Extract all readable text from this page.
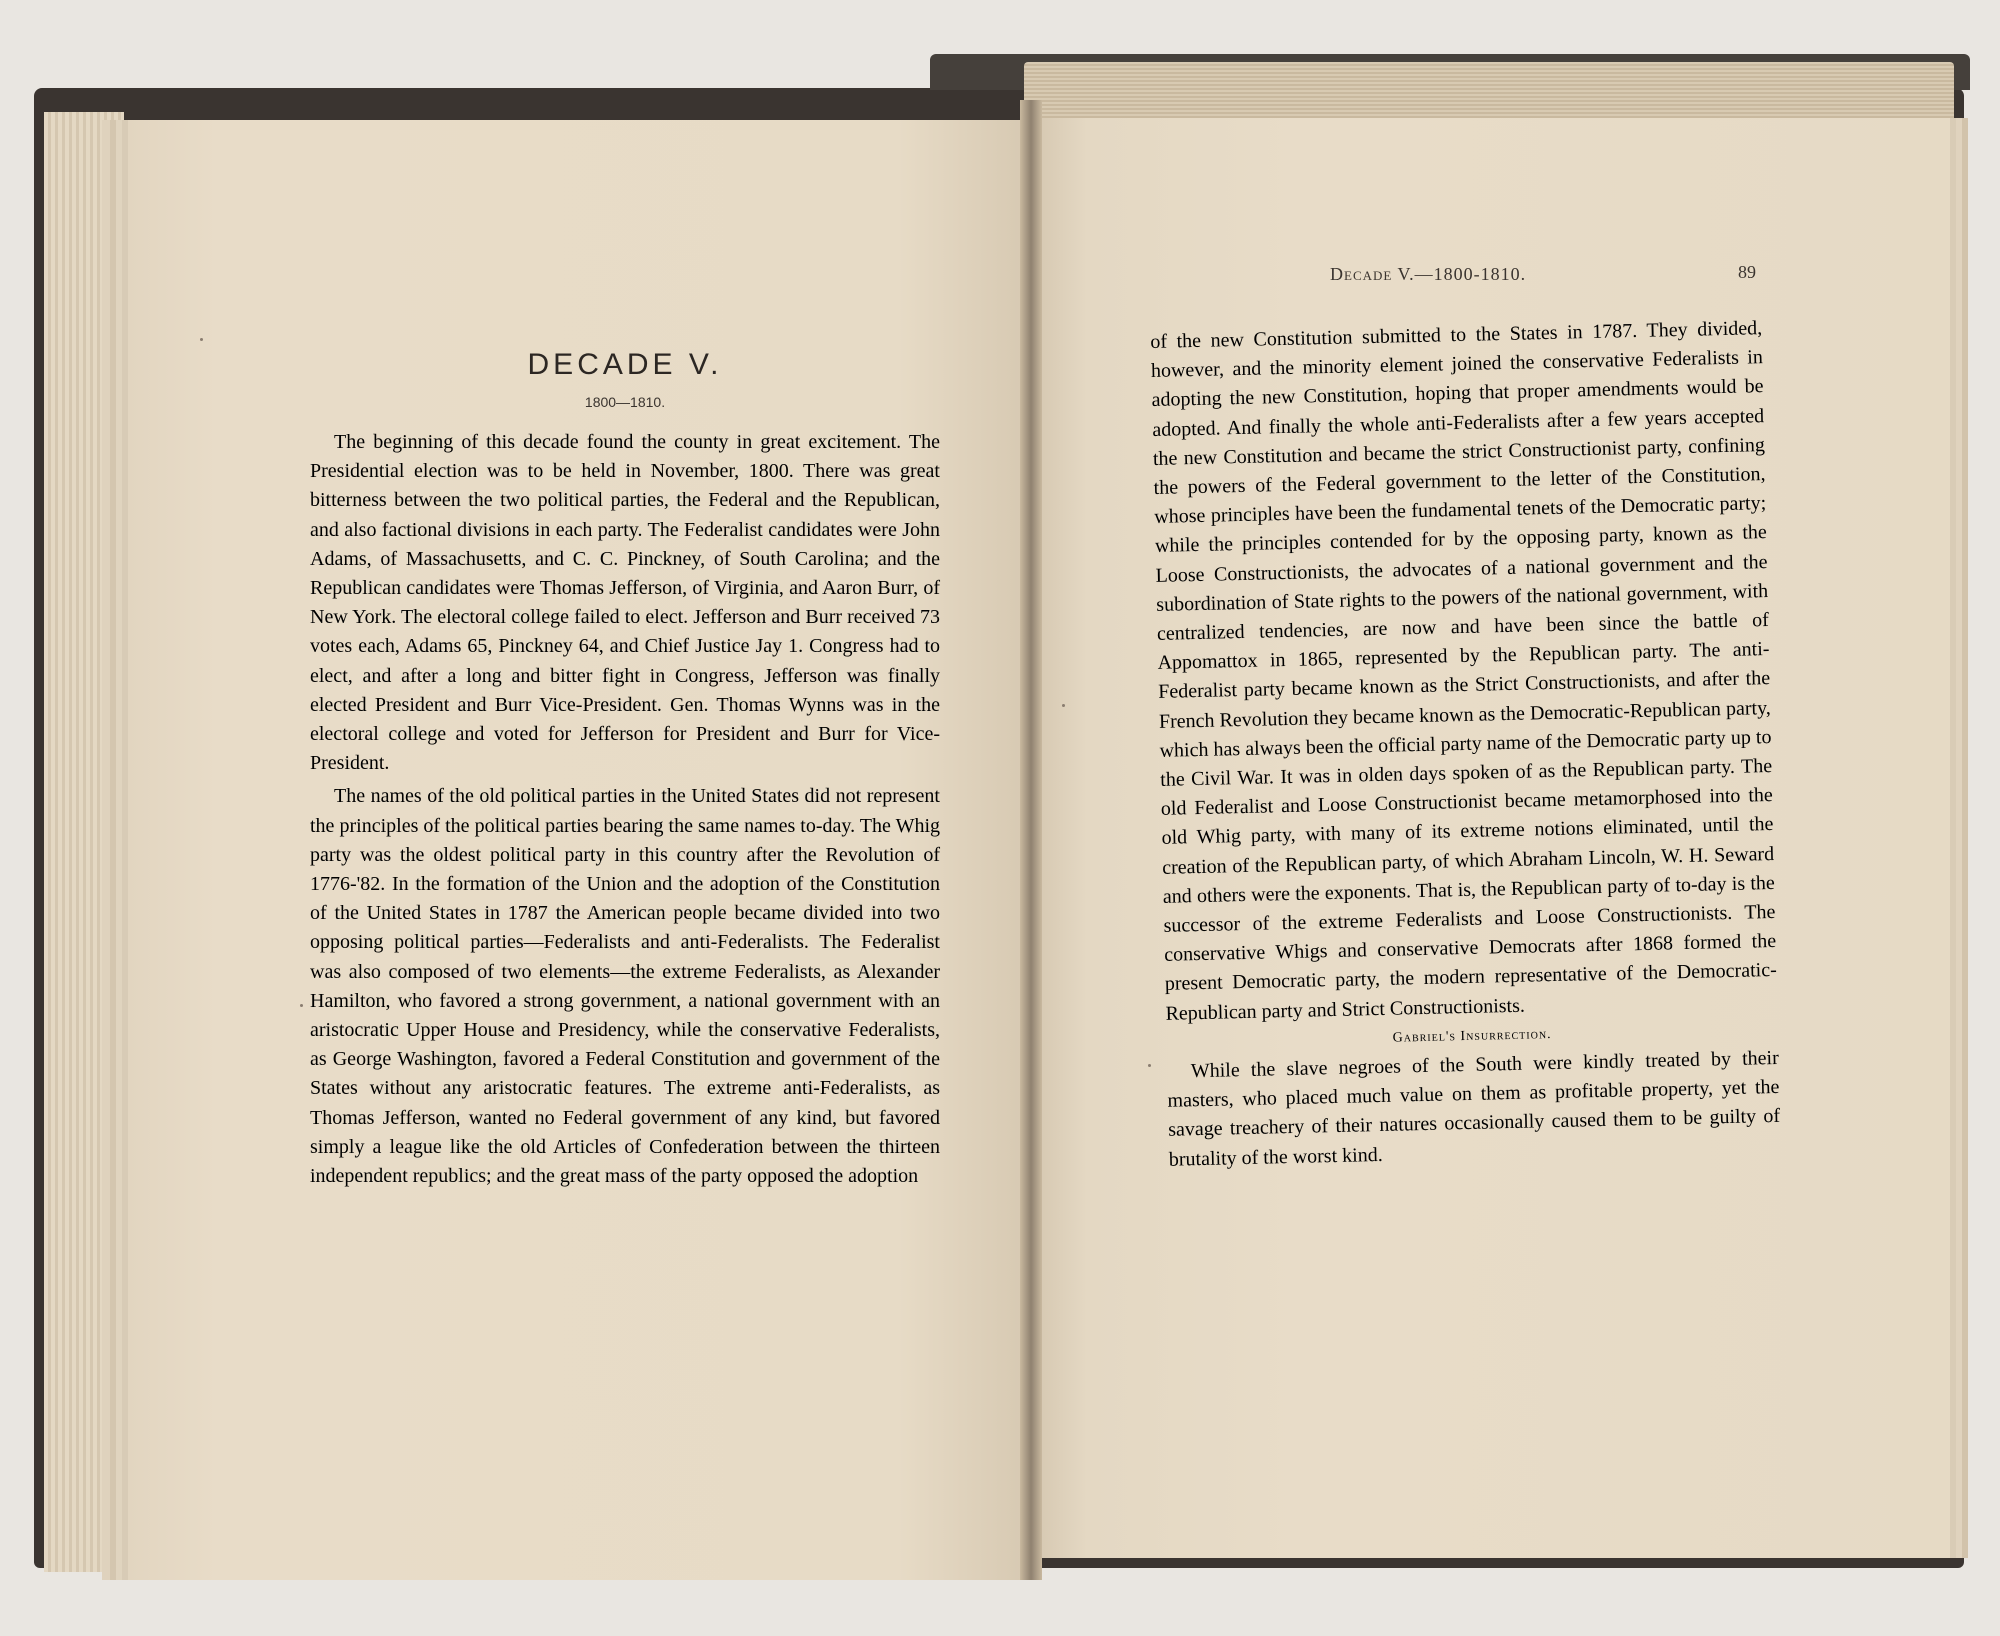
DECADE V.
1800—1810.

The beginning of this decade found the county in great excitement. The Presidential election was to be held in November, 1800. There was great bitterness between the two political parties, the Federal and the Republican, and also factional divisions in each party. The Federalist candidates were John Adams, of Massachusetts, and C. C. Pinckney, of South Carolina; and the Republican candidates were Thomas Jefferson, of Virginia, and Aaron Burr, of New York. The electoral college failed to elect. Jefferson and Burr received 73 votes each, Adams 65, Pinckney 64, and Chief Justice Jay 1. Congress had to elect, and after a long and bitter fight in Congress, Jefferson was finally elected President and Burr Vice-President. Gen. Thomas Wynns was in the electoral college and voted for Jefferson for President and Burr for Vice-President.

The names of the old political parties in the United States did not represent the principles of the political parties bearing the same names to-day. The Whig party was the oldest political party in this country after the Revolution of 1776-'82. In the formation of the Union and the adoption of the Constitution of the United States in 1787 the American people became divided into two opposing political parties—Federalists and anti-Federalists. The Federalist was also composed of two elements—the extreme Federalists, as Alexander Hamilton, who favored a strong government, a national government with an aristocratic Upper House and Presidency, while the conservative Federalists, as George Washington, favored a Federal Constitution and government of the States without any aristocratic features. The extreme anti-Federalists, as Thomas Jefferson, wanted no Federal government of any kind, but favored simply a league like the old Articles of Confederation between the thirteen independent republics; and the great mass of the party opposed the adoption

Decade V.—1800-1810.	89

of the new Constitution submitted to the States in 1787. They divided, however, and the minority element joined the conservative Federalists in adopting the new Constitution, hoping that proper amendments would be adopted. And finally the whole anti-Federalists after a few years accepted the new Constitution and became the strict Constructionist party, confining the powers of the Federal government to the letter of the Constitution, whose principles have been the fundamental tenets of the Democratic party; while the principles contended for by the opposing party, known as the Loose Constructionists, the advocates of a national government and the subordination of State rights to the powers of the national government, with centralized tendencies, are now and have been since the battle of Appomattox in 1865, represented by the Republican party. The anti-Federalist party became known as the Strict Constructionists, and after the French Revolution they became known as the Democratic-Republican party, which has always been the official party name of the Democratic party up to the Civil War. It was in olden days spoken of as the Republican party. The old Federalist and Loose Constructionist became metamorphosed into the old Whig party, with many of its extreme notions eliminated, until the creation of the Republican party, of which Abraham Lincoln, W. H. Seward and others were the exponents. That is, the Republican party of to-day is the successor of the extreme Federalists and Loose Constructionists. The conservative Whigs and conservative Democrats after 1868 formed the present Democratic party, the modern representative of the Democratic-Republican party and Strict Constructionists.

Gabriel's Insurrection.

While the slave negroes of the South were kindly treated by their masters, who placed much value on them as profitable property, yet the savage treachery of their natures occasionally caused them to be guilty of brutality of the worst kind.
